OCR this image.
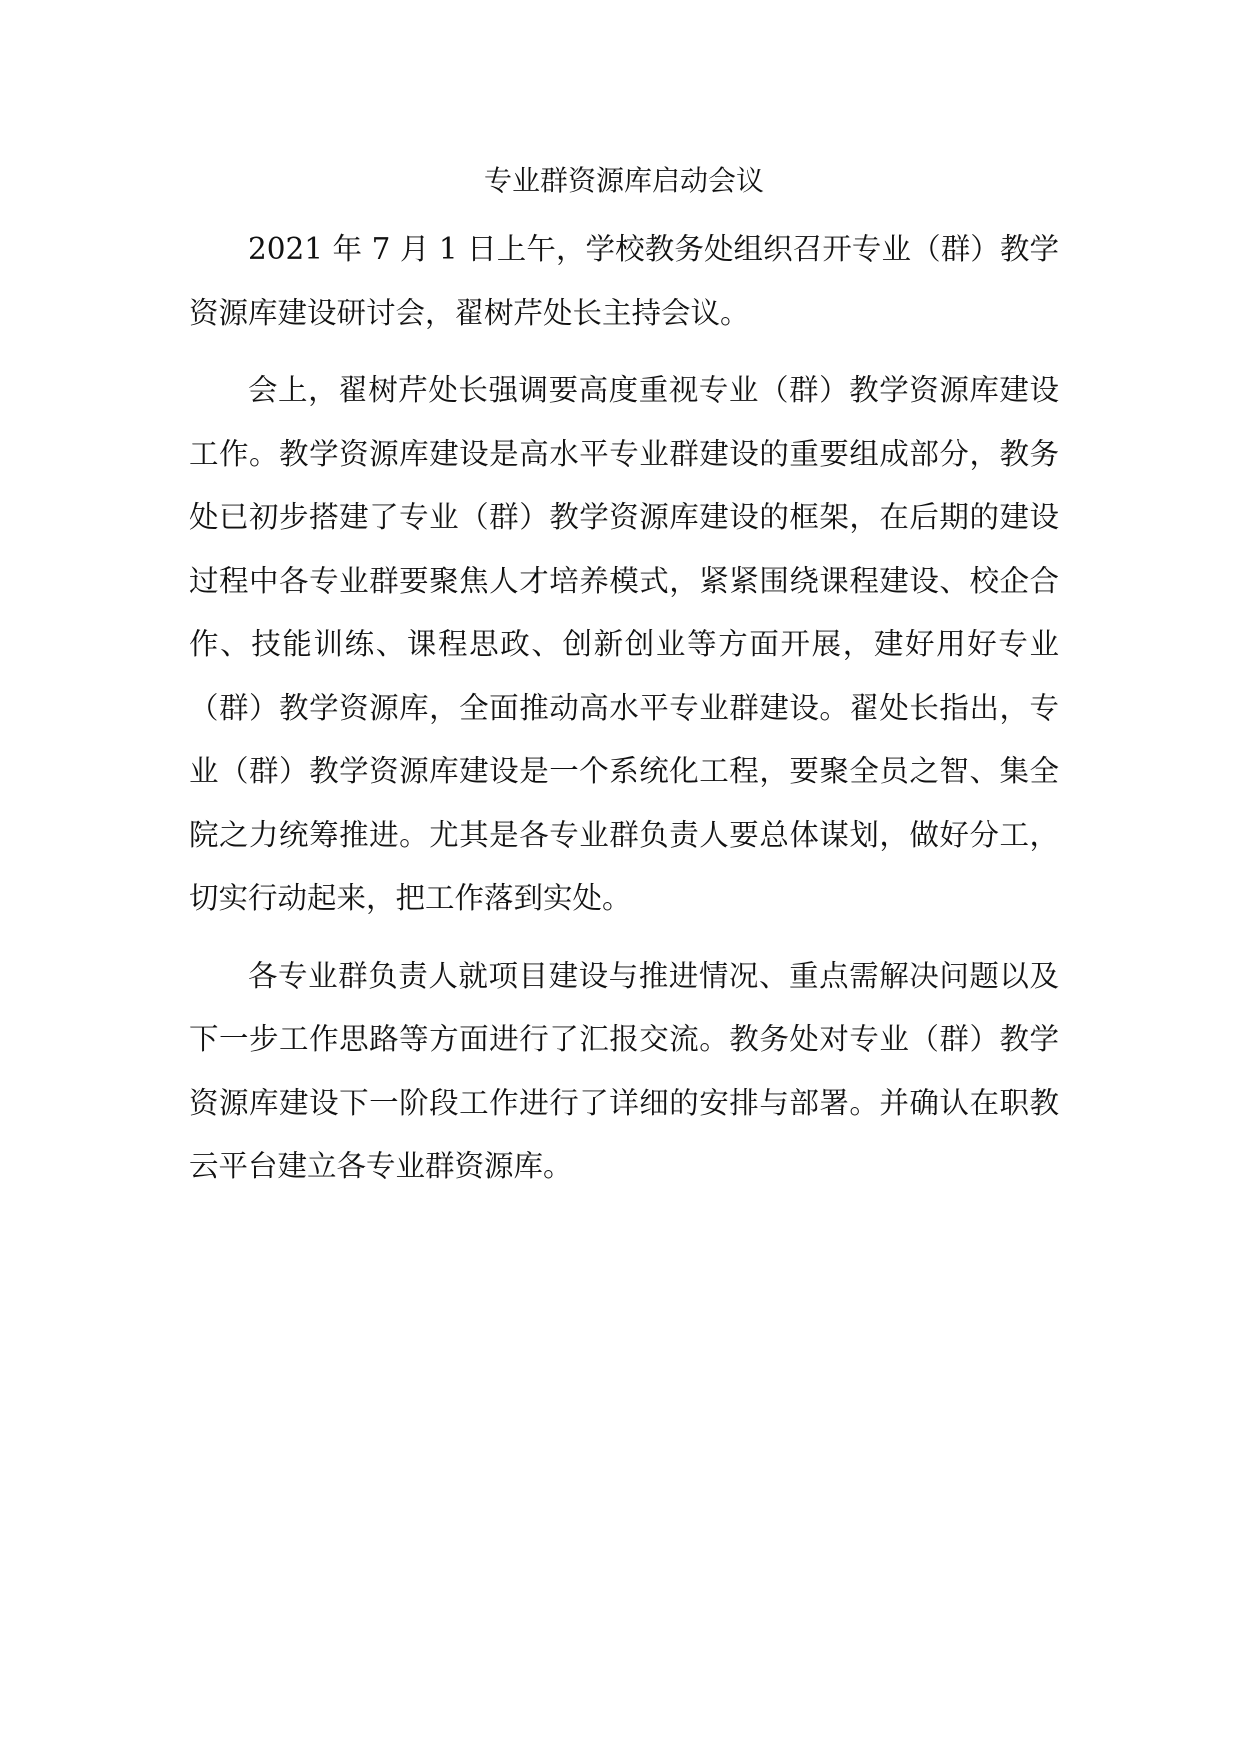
专业群资源库启动会议

2021 年 7 月 1 日上午，学校教务处组织召开专业（群）教学资源库建设研讨会，翟树芹处长主持会议。

会上，翟树芹处长强调要高度重视专业（群）教学资源库建设工作。教学资源库建设是高水平专业群建设的重要组成部分，教务处已初步搭建了专业（群）教学资源库建设的框架，在后期的建设过程中各专业群要聚焦人才培养模式，紧紧围绕课程建设、校企合作、技能训练、课程思政、创新创业等方面开展，建好用好专业（群）教学资源库，全面推动高水平专业群建设。翟处长指出，专业（群）教学资源库建设是一个系统化工程，要聚全员之智、集全院之力统筹推进。尤其是各专业群负责人要总体谋划，做好分工，切实行动起来，把工作落到实处。

各专业群负责人就项目建设与推进情况、重点需解决问题以及下一步工作思路等方面进行了汇报交流。教务处对专业（群）教学资源库建设下一阶段工作进行了详细的安排与部署。并确认在职教云平台建立各专业群资源库。
